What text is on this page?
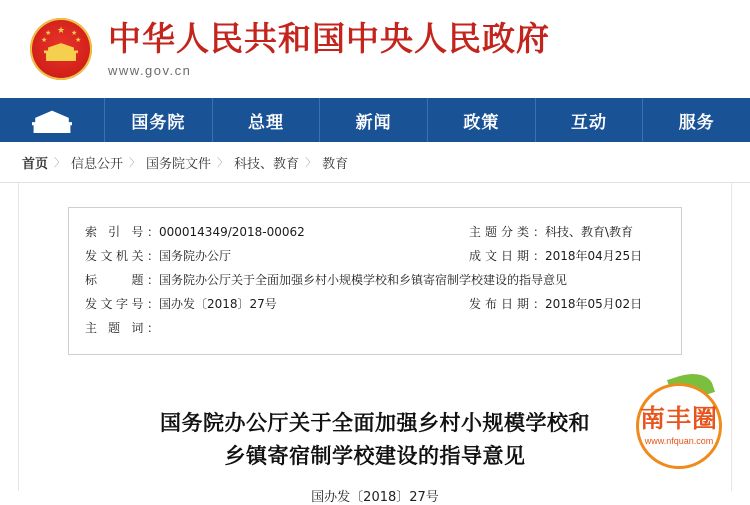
★
★
★
★
★ 中华人民共和国中央人民政府
www.gov.cn
国务院	总理	新闻	政策	互动	服务
首页 〉 信息公开 〉 国务院文件 〉 科技、教育 〉 教育
索 引 号：	000014349/2018-00062	主题分类：	科技、教育\教育
发文机关：	国务院办公厅	成文日期：	2018年04月25日
标　　题：	国务院办公厅关于全面加强乡村小规模学校和乡镇寄宿制学校建设的指导意见		
发文字号：	国办发〔2018〕27号	发布日期：	2018年05月02日
主 题 词：			
国务院办公厅关于全面加强乡村小规模学校和
乡镇寄宿制学校建设的指导意见
国办发〔2018〕27号
南丰圈
www.nfquan.com
